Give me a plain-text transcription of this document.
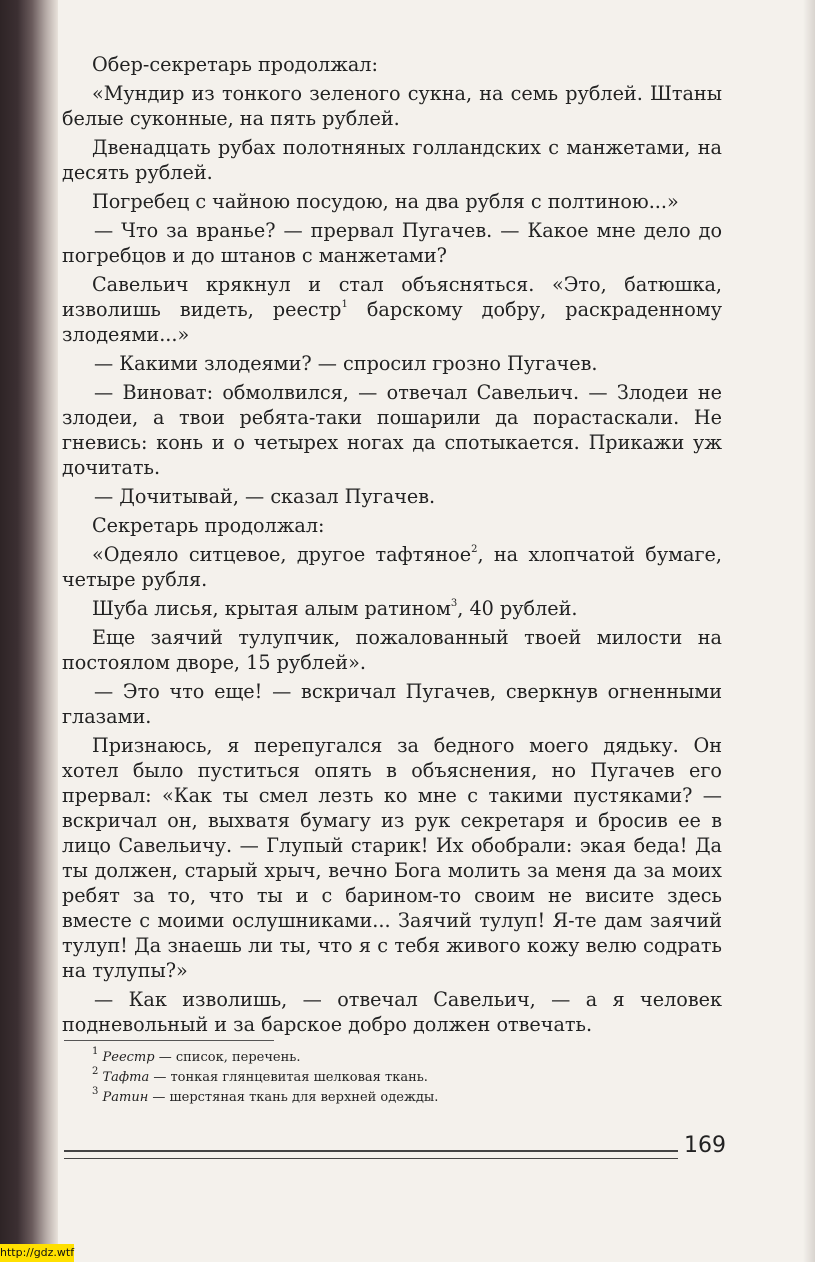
Обер-секретарь продолжал:

«Мундир из тонкого зеленого сукна, на семь рублей. Штаны белые суконные, на пять рублей.

Двенадцать рубах полотняных голландских с манжетами, на десять рублей.

Погребец с чайною посудою, на два рубля с полтиною...»

— Что за вранье? — прервал Пугачев. — Какое мне дело до погребцов и до штанов с манжетами?

Савельич крякнул и стал объясняться. «Это, батюшка, изволишь видеть, реестр$^1$ барскому добру, раскраденному злодеями...»

— Какими злодеями? — спросил грозно Пугачев.

— Виноват: обмолвился, — отвечал Савельич. — Злодеи не злодеи, а твои ребята-таки пошарили да порастаскали. Не гневись: конь и о четырех ногах да спотыкается. Прикажи уж дочитать.

— Дочитывай, — сказал Пугачев.

Секретарь продолжал:

«Одеяло ситцевое, другое тафтяное$^2$, на хлопчатой бумаге, четыре рубля.

Шуба лисья, крытая алым ратином$^3$, 40 рублей.

Еще заячий тулупчик, пожалованный твоей милости на постоялом дворе, 15 рублей».

— Это что еще! — вскричал Пугачев, сверкнув огненными глазами.

Признаюсь, я перепугался за бедного моего дядьку. Он хотел было пуститься опять в объяснения, но Пугачев его прервал: «Как ты смел лезть ко мне с такими пустяками? — вскричал он, выхватя бумагу из рук секретаря и бросив ее в лицо Савельичу. — Глупый старик! Их обобрали: экая беда! Да ты должен, старый хрыч, вечно Бога молить за меня да за моих ребят за то, что ты и с барином-то своим не висите здесь вместе с моими ослушниками... Заячий тулуп! Я-те дам заячий тулуп! Да знаешь ли ты, что я с тебя живого кожу велю содрать на тулупы?»

— Как изволишь, — отвечал Савельич, — а я человек подневольный и за барское добро должен отвечать.

$^1$ Реестр — список, перечень.

$^2$ Тафта — тонкая глянцевитая шелковая ткань.

$^3$ Ратин — шерстяная ткань для верхней одежды.

169
http://gdz.wtf
